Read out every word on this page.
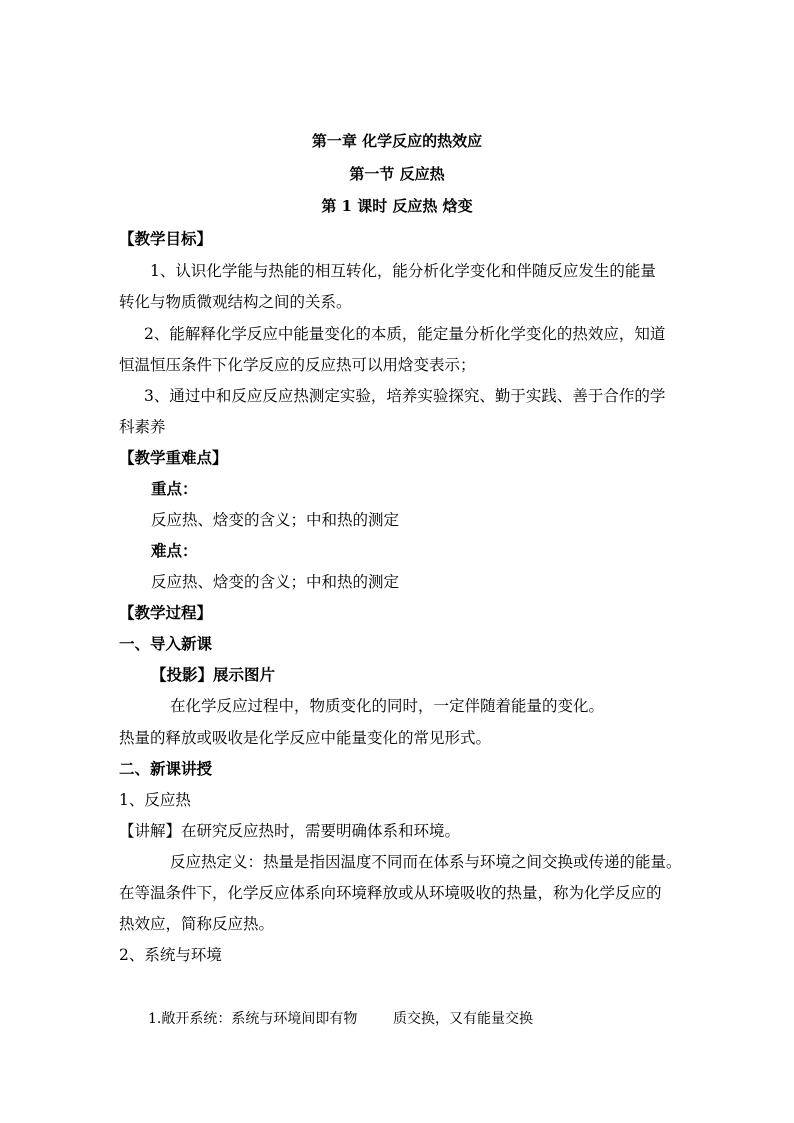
第一章 化学反应的热效应
第一节 反应热
第 1 课时 反应热 焓变
【教学目标】
1、认识化学能与热能的相互转化，能分析化学变化和伴随反应发生的能量
转化与物质微观结构之间的关系。
2、能解释化学反应中能量变化的本质，能定量分析化学变化的热效应，知道
恒温恒压条件下化学反应的反应热可以用焓变表示；
3、通过中和反应反应热测定实验，培养实验探究、勤于实践、善于合作的学
科素养
【教学重难点】
重点：
反应热、焓变的含义；中和热的测定
难点：
反应热、焓变的含义；中和热的测定
【教学过程】
一、导入新课
【投影】展示图片
在化学反应过程中，物质变化的同时，一定伴随着能量的变化。
热量的释放或吸收是化学反应中能量变化的常见形式。
二、新课讲授
1、反应热
【讲解】在研究反应热时，需要明确体系和环境。
反应热定义：热量是指因温度不同而在体系与环境之间交换或传递的能量。
在等温条件下，化学反应体系向环境释放或从环境吸收的热量，称为化学反应的
热效应，简称反应热。
2、系统与环境
1.敞开系统：系统与环境间即有物        质交换，又有能量交换
